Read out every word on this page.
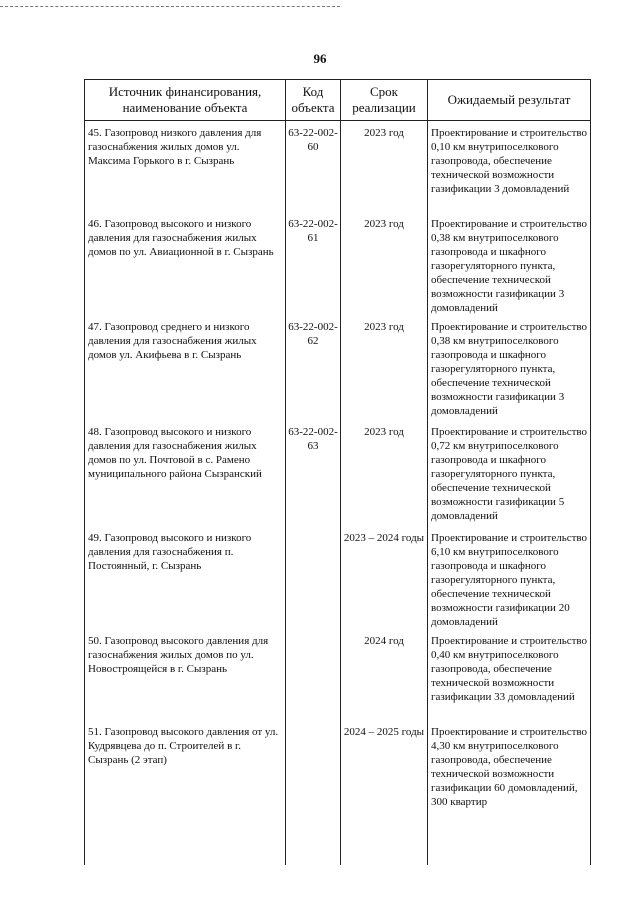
96
Источник финансирования, наименование объекта	Код объекта	Срок реализации	Ожидаемый результат
45. Газопровод низкого давления для газоснабжения жилых домов ул. Максима Горького в г. Сызрань	63-22-002-60	2023 год	Проектирование и строительство 0,10 км внутрипоселкового газопровода, обеспечение технической возможности газификации 3 домовладений
46. Газопровод высокого и низкого давления для газоснабжения жилых домов по ул. Авиационной в г. Сызрань	63-22-002-61	2023 год	Проектирование и строительство 0,38 км внутрипоселкового газопровода и шкафного газорегуляторного пункта, обеспечение технической возможности газификации 3 домовладений
47. Газопровод среднего и низкого давления для газоснабжения жилых домов ул. Акифьева в г. Сызрань	63-22-002-62	2023 год	Проектирование и строительство 0,38 км внутрипоселкового газопровода и шкафного газорегуляторного пункта, обеспечение технической возможности газификации 3 домовладений
48. Газопровод высокого и низкого давления для газоснабжения жилых домов по ул. Почтовой в с. Рамено муниципального района Сызранский	63-22-002-63	2023 год	Проектирование и строительство 0,72 км внутрипоселкового газопровода и шкафного газорегуляторного пункта, обеспечение технической возможности газификации 5 домовладений
49. Газопровод высокого и низкого давления для газоснабжения п. Постоянный, г. Сызрань		2023 – 2024 годы	Проектирование и строительство 6,10 км внутрипоселкового газопровода и шкафного газорегуляторного пункта, обеспечение технической возможности газификации 20 домовладений
50. Газопровод высокого давления для газоснабжения жилых домов по ул. Новостроящейся в г. Сызрань		2024 год	Проектирование и строительство 0,40 км внутрипоселкового газопровода, обеспечение технической возможности газификации 33 домовладений
51. Газопровод высокого давления от ул. Кудрявцева до п. Строителей в г. Сызрань (2 этап)		2024 – 2025 годы	Проектирование и строительство 4,30 км внутрипоселкового газопровода, обеспечение технической возможности газификации 60 домовладений, 300 квартир
